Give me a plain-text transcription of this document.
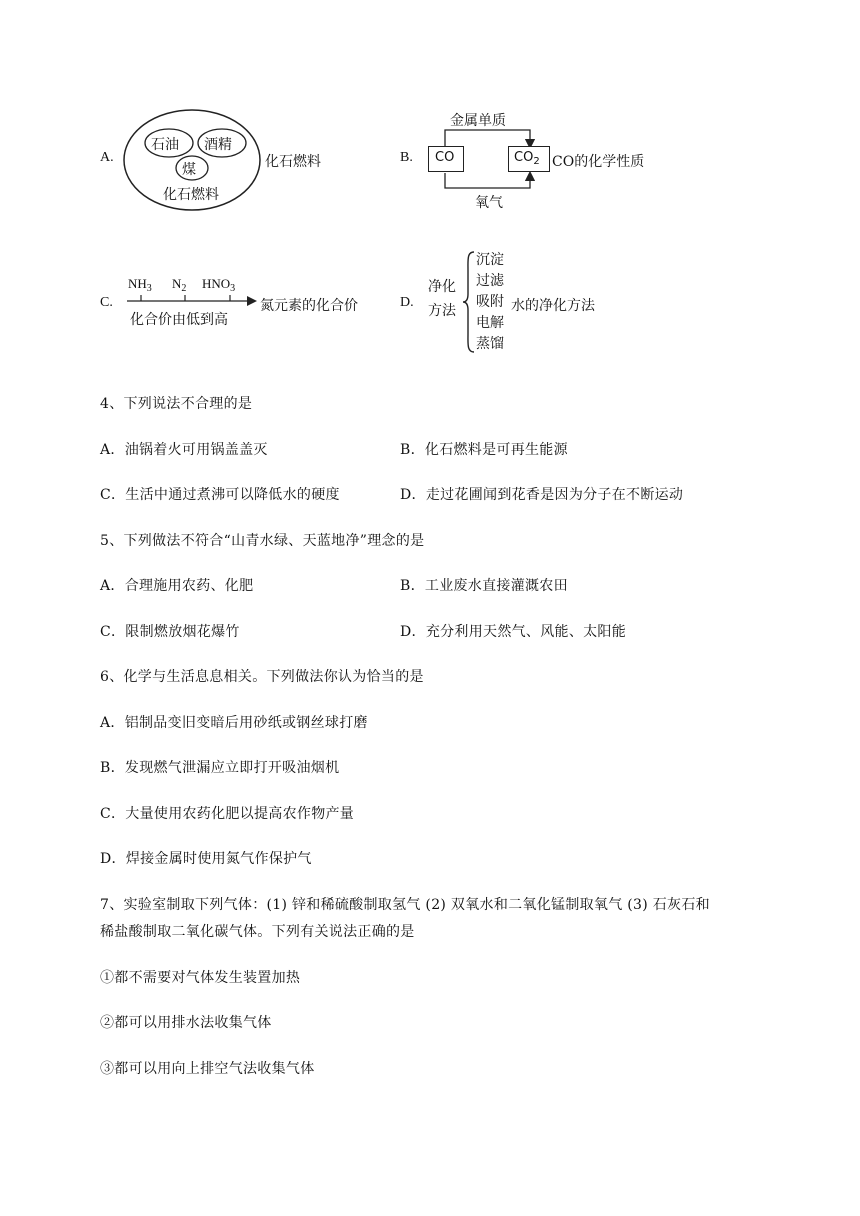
A.
石油 酒精
煤
化石燃料
化石燃料	B.
金属单质
CO	$CO_2$
氧气
CO的化学性质
C.
$NH_3$ $N_2$ $HNO_3$
化合价由低到高
氮元素的化合价	D.
净化
方法
沉淀
过滤
吸附
电解
蒸馏
水的净化方法
4、下列说法不合理的是
A．油锅着火可用锅盖盖灭	B．化石燃料是可再生能源
C．生活中通过煮沸可以降低水的硬度	D．走过花圃闻到花香是因为分子在不断运动
5、下列做法不符合“山青水绿、天蓝地净”理念的是
A．合理施用农药、化肥	B．工业废水直接灌溉农田
C．限制燃放烟花爆竹	D．充分利用天然气、风能、太阳能
6、化学与生活息息相关。下列做法你认为恰当的是
A．铝制品变旧变暗后用砂纸或钢丝球打磨
B．发现燃气泄漏应立即打开吸油烟机
C．大量使用农药化肥以提高农作物产量
D．焊接金属时使用氮气作保护气
7、实验室制取下列气体：(1) 锌和稀硫酸制取氢气 (2) 双氧水和二氧化锰制取氧气 (3) 石灰石和
稀盐酸制取二氧化碳气体。下列有关说法正确的是
①都不需要对气体发生装置加热
②都可以用排水法收集气体
③都可以用向上排空气法收集气体
